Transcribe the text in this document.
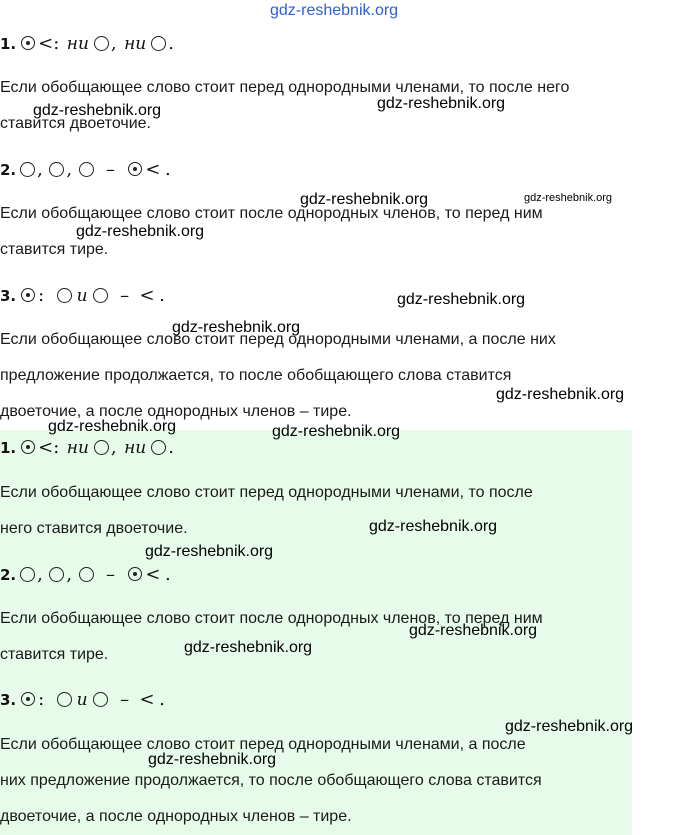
gdz-reshebnik.org
1. <: ни , ни .
Если обобщающее слово стоит перед однородными членами, то после него
ставится двоеточие.
2. , , – < .
Если обобщающее слово стоит после однородных членов, то перед ним
ставится тире.
3. : и – < .
Если обобщающее слово стоит перед однородными членами, а после них
предложение продолжается, то после обобщающего слова ставится
двоеточие, а после однородных членов – тире.
1. <: ни , ни .
Если обобщающее слово стоит перед однородными членами, то после
него ставится двоеточие.
2. , , – < .
Если обобщающее слово стоит после однородных членов, то перед ним
ставится тире.
3. : и – < .
Если обобщающее слово стоит перед однородными членами, а после
них предложение продолжается, то после обобщающего слова ставится
двоеточие, а после однородных членов – тире.
gdz-reshebnik.org	gdz-reshebnik.org
gdz-reshebnik.org	gdz-reshebnik.org
gdz-reshebnik.org
gdz-reshebnik.org
gdz-reshebnik.org
gdz-reshebnik.org
gdz-reshebnik.org	gdz-reshebnik.org
gdz-reshebnik.org
gdz-reshebnik.org
gdz-reshebnik.org
gdz-reshebnik.org
gdz-reshebnik.org
gdz-reshebnik.org
